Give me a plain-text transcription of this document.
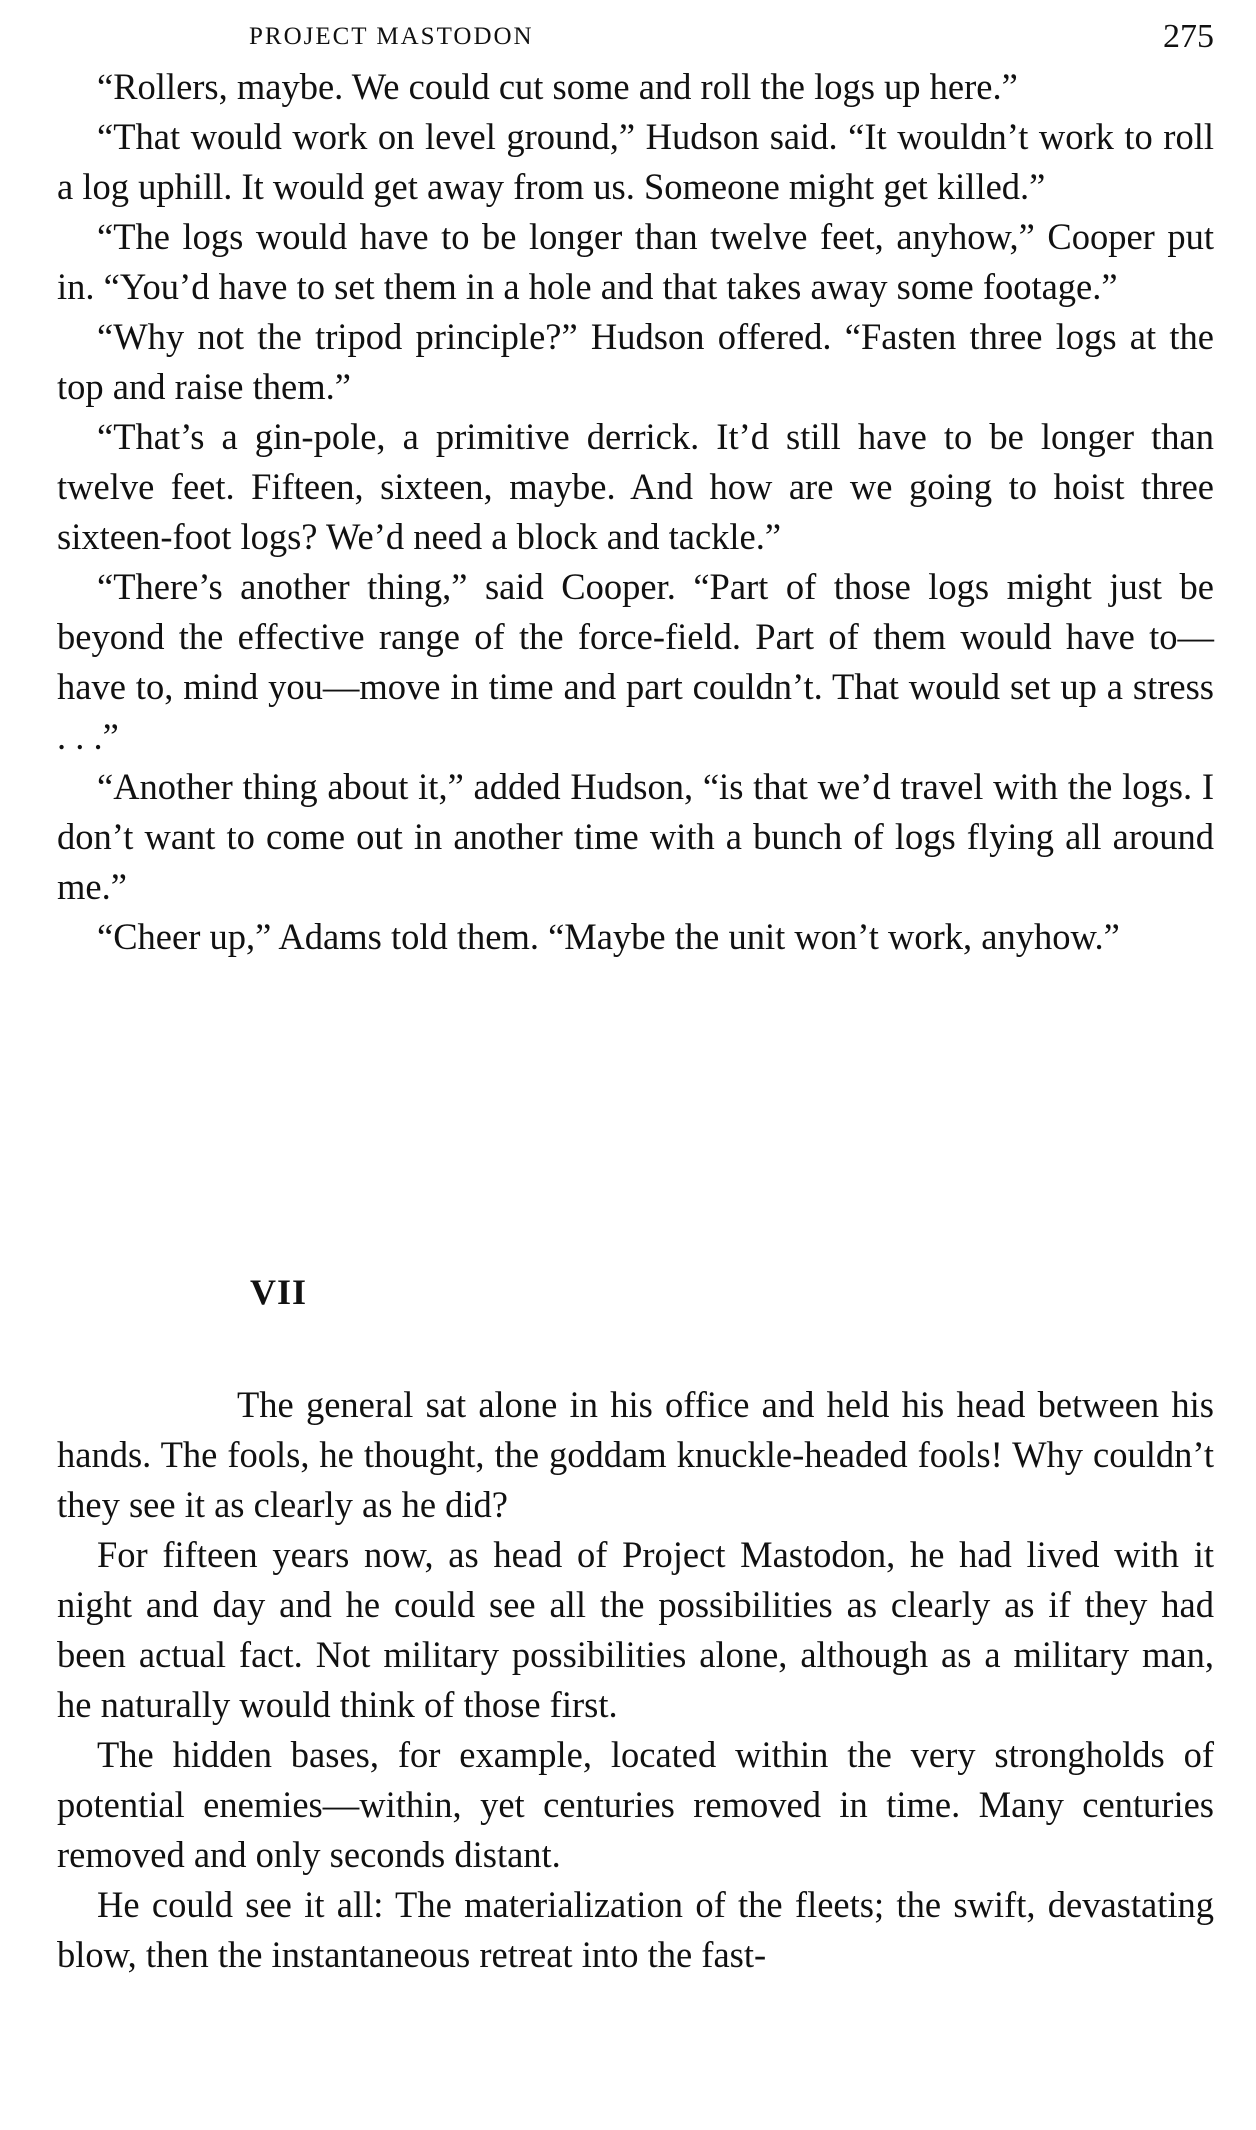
PROJECT MASTODON	275

“Rollers, maybe. We could cut some and roll the logs up here.”

“That would work on level ground,” Hudson said. “It wouldn’t work to roll a log uphill. It would get away from us. Someone might get killed.”

“The logs would have to be longer than twelve feet, anyhow,” Cooper put in. “You’d have to set them in a hole and that takes away some footage.”

“Why not the tripod principle?” Hudson offered. “Fasten three logs at the top and raise them.”

“That’s a gin-pole, a primitive derrick. It’d still have to be longer than twelve feet. Fifteen, sixteen, maybe. And how are we going to hoist three sixteen-foot logs? We’d need a block and tackle.”

“There’s another thing,” said Cooper. “Part of those logs might just be beyond the effective range of the force-field. Part of them would have to—have to, mind you—move in time and part couldn’t. That would set up a stress . . .”

“Another thing about it,” added Hudson, “is that we’d travel with the logs. I don’t want to come out in another time with a bunch of logs flying all around me.”

“Cheer up,” Adams told them. “Maybe the unit won’t work, anyhow.”

VII

The general sat alone in his office and held his head between his hands. The fools, he thought, the goddam knuckle-headed fools! Why couldn’t they see it as clearly as he did?

For fifteen years now, as head of Project Mastodon, he had lived with it night and day and he could see all the possibilities as clearly as if they had been actual fact. Not military possibilities alone, although as a military man, he naturally would think of those first.

The hidden bases, for example, located within the very strongholds of potential enemies—within, yet centuries removed in time. Many centuries removed and only seconds distant.

He could see it all: The materialization of the fleets; the swift, devastating blow, then the instantaneous retreat into the fast-
